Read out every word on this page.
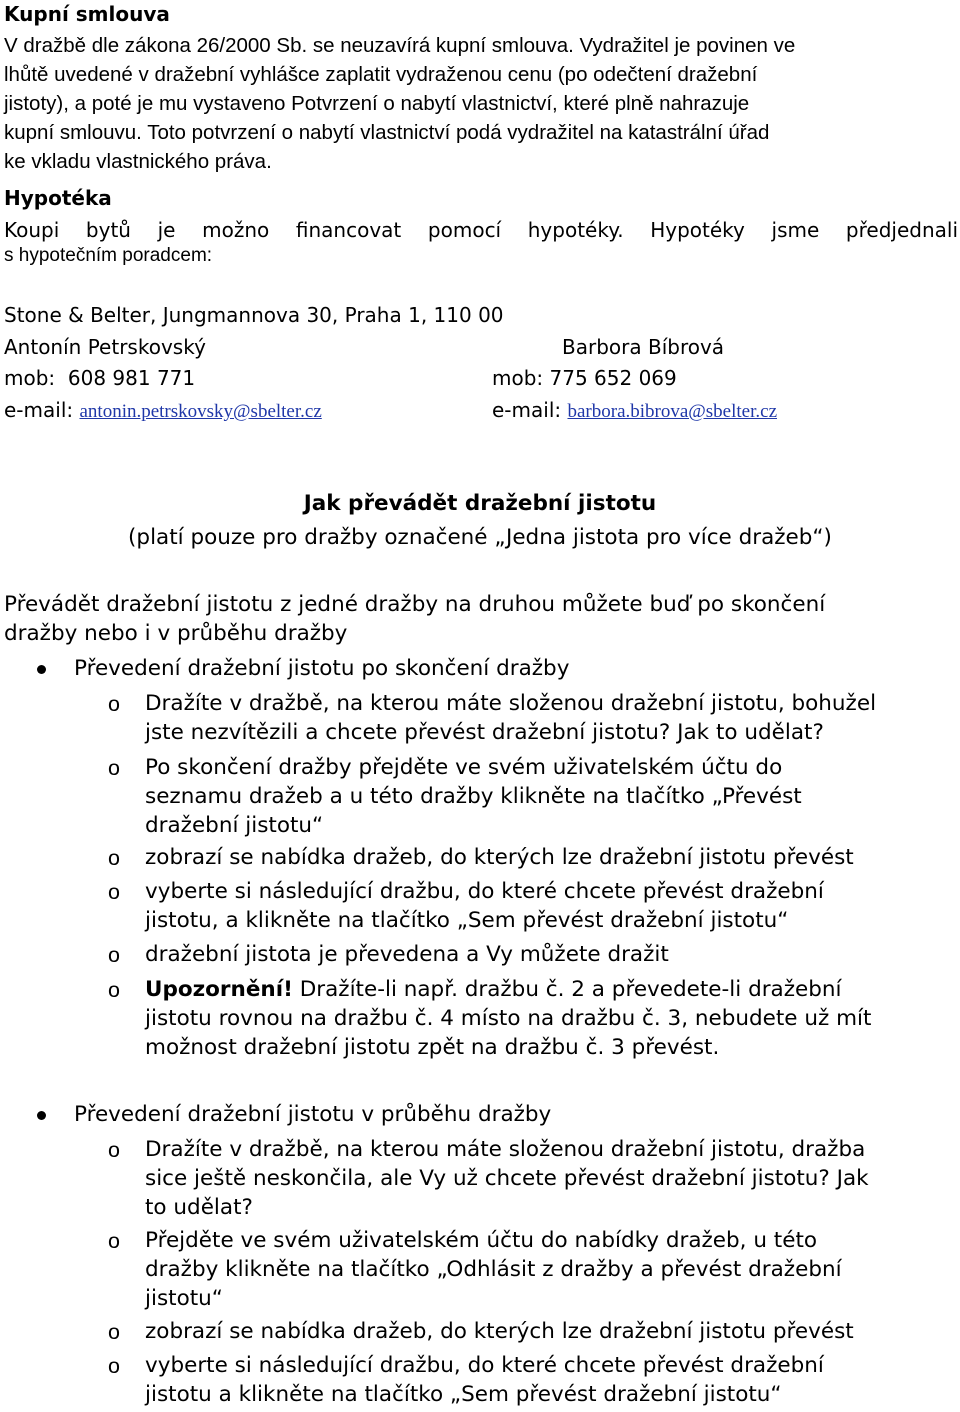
Kupní smlouva

V dražbě dle zákona 26/2000 Sb. se neuzavírá kupní smlouva. Vydražitel je povinen ve

lhůtě uvedené v dražební vyhlášce zaplatit vydraženou cenu (po odečtení dražební

jistoty), a poté je mu vystaveno Potvrzení o nabytí vlastnictví, které plně nahrazuje

kupní smlouvu. Toto potvrzení o nabytí vlastnictví podá vydražitel na katastrální úřad

ke vkladu vlastnického práva.

Hypotéka

Koupi bytů je možno financovat pomocí hypotéky. Hypotéky jsme předjednali

s hypotečním poradcem:

Stone & Belter, Jungmannova 30, Praha 1, 110 00

Antonín Petrskovský	Barbora Bíbrová

mob: 608 981 771	mob: 775 652 069

e-mail: antonin.petrskovsky@sbelter.cz	e-mail: barbora.bibrova@sbelter.cz

Jak převádět dražební jistotu

(platí pouze pro dražby označené „Jedna jistota pro více dražeb“)

Převádět dražební jistotu z jedné dražby na druhou můžete buď po skončení

dražby nebo i v průběhu dražby

Převedení dražební jistotu po skončení dražby

o Dražíte v dražbě, na kterou máte složenou dražební jistotu, bohužel

jste nezvítězili a chcete převést dražební jistotu? Jak to udělat?

o Po skončení dražby přejděte ve svém uživatelském účtu do

seznamu dražeb a u této dražby klikněte na tlačítko „Převést

dražební jistotu“

o zobrazí se nabídka dražeb, do kterých lze dražební jistotu převést

o vyberte si následující dražbu, do které chcete převést dražební

jistotu, a klikněte na tlačítko „Sem převést dražební jistotu“

o dražební jistota je převedena a Vy můžete dražit

o Upozornění! Dražíte-li např. dražbu č. 2 a převedete-li dražební

jistotu rovnou na dražbu č. 4 místo na dražbu č. 3, nebudete už mít

možnost dražební jistotu zpět na dražbu č. 3 převést.

Převedení dražební jistotu v průběhu dražby

o Dražíte v dražbě, na kterou máte složenou dražební jistotu, dražba

sice ještě neskončila, ale Vy už chcete převést dražební jistotu? Jak

to udělat?

o Přejděte ve svém uživatelském účtu do nabídky dražeb, u této

dražby klikněte na tlačítko „Odhlásit z dražby a převést dražební

jistotu“

o zobrazí se nabídka dražeb, do kterých lze dražební jistotu převést

o vyberte si následující dražbu, do které chcete převést dražební

jistotu a klikněte na tlačítko „Sem převést dražební jistotu“
